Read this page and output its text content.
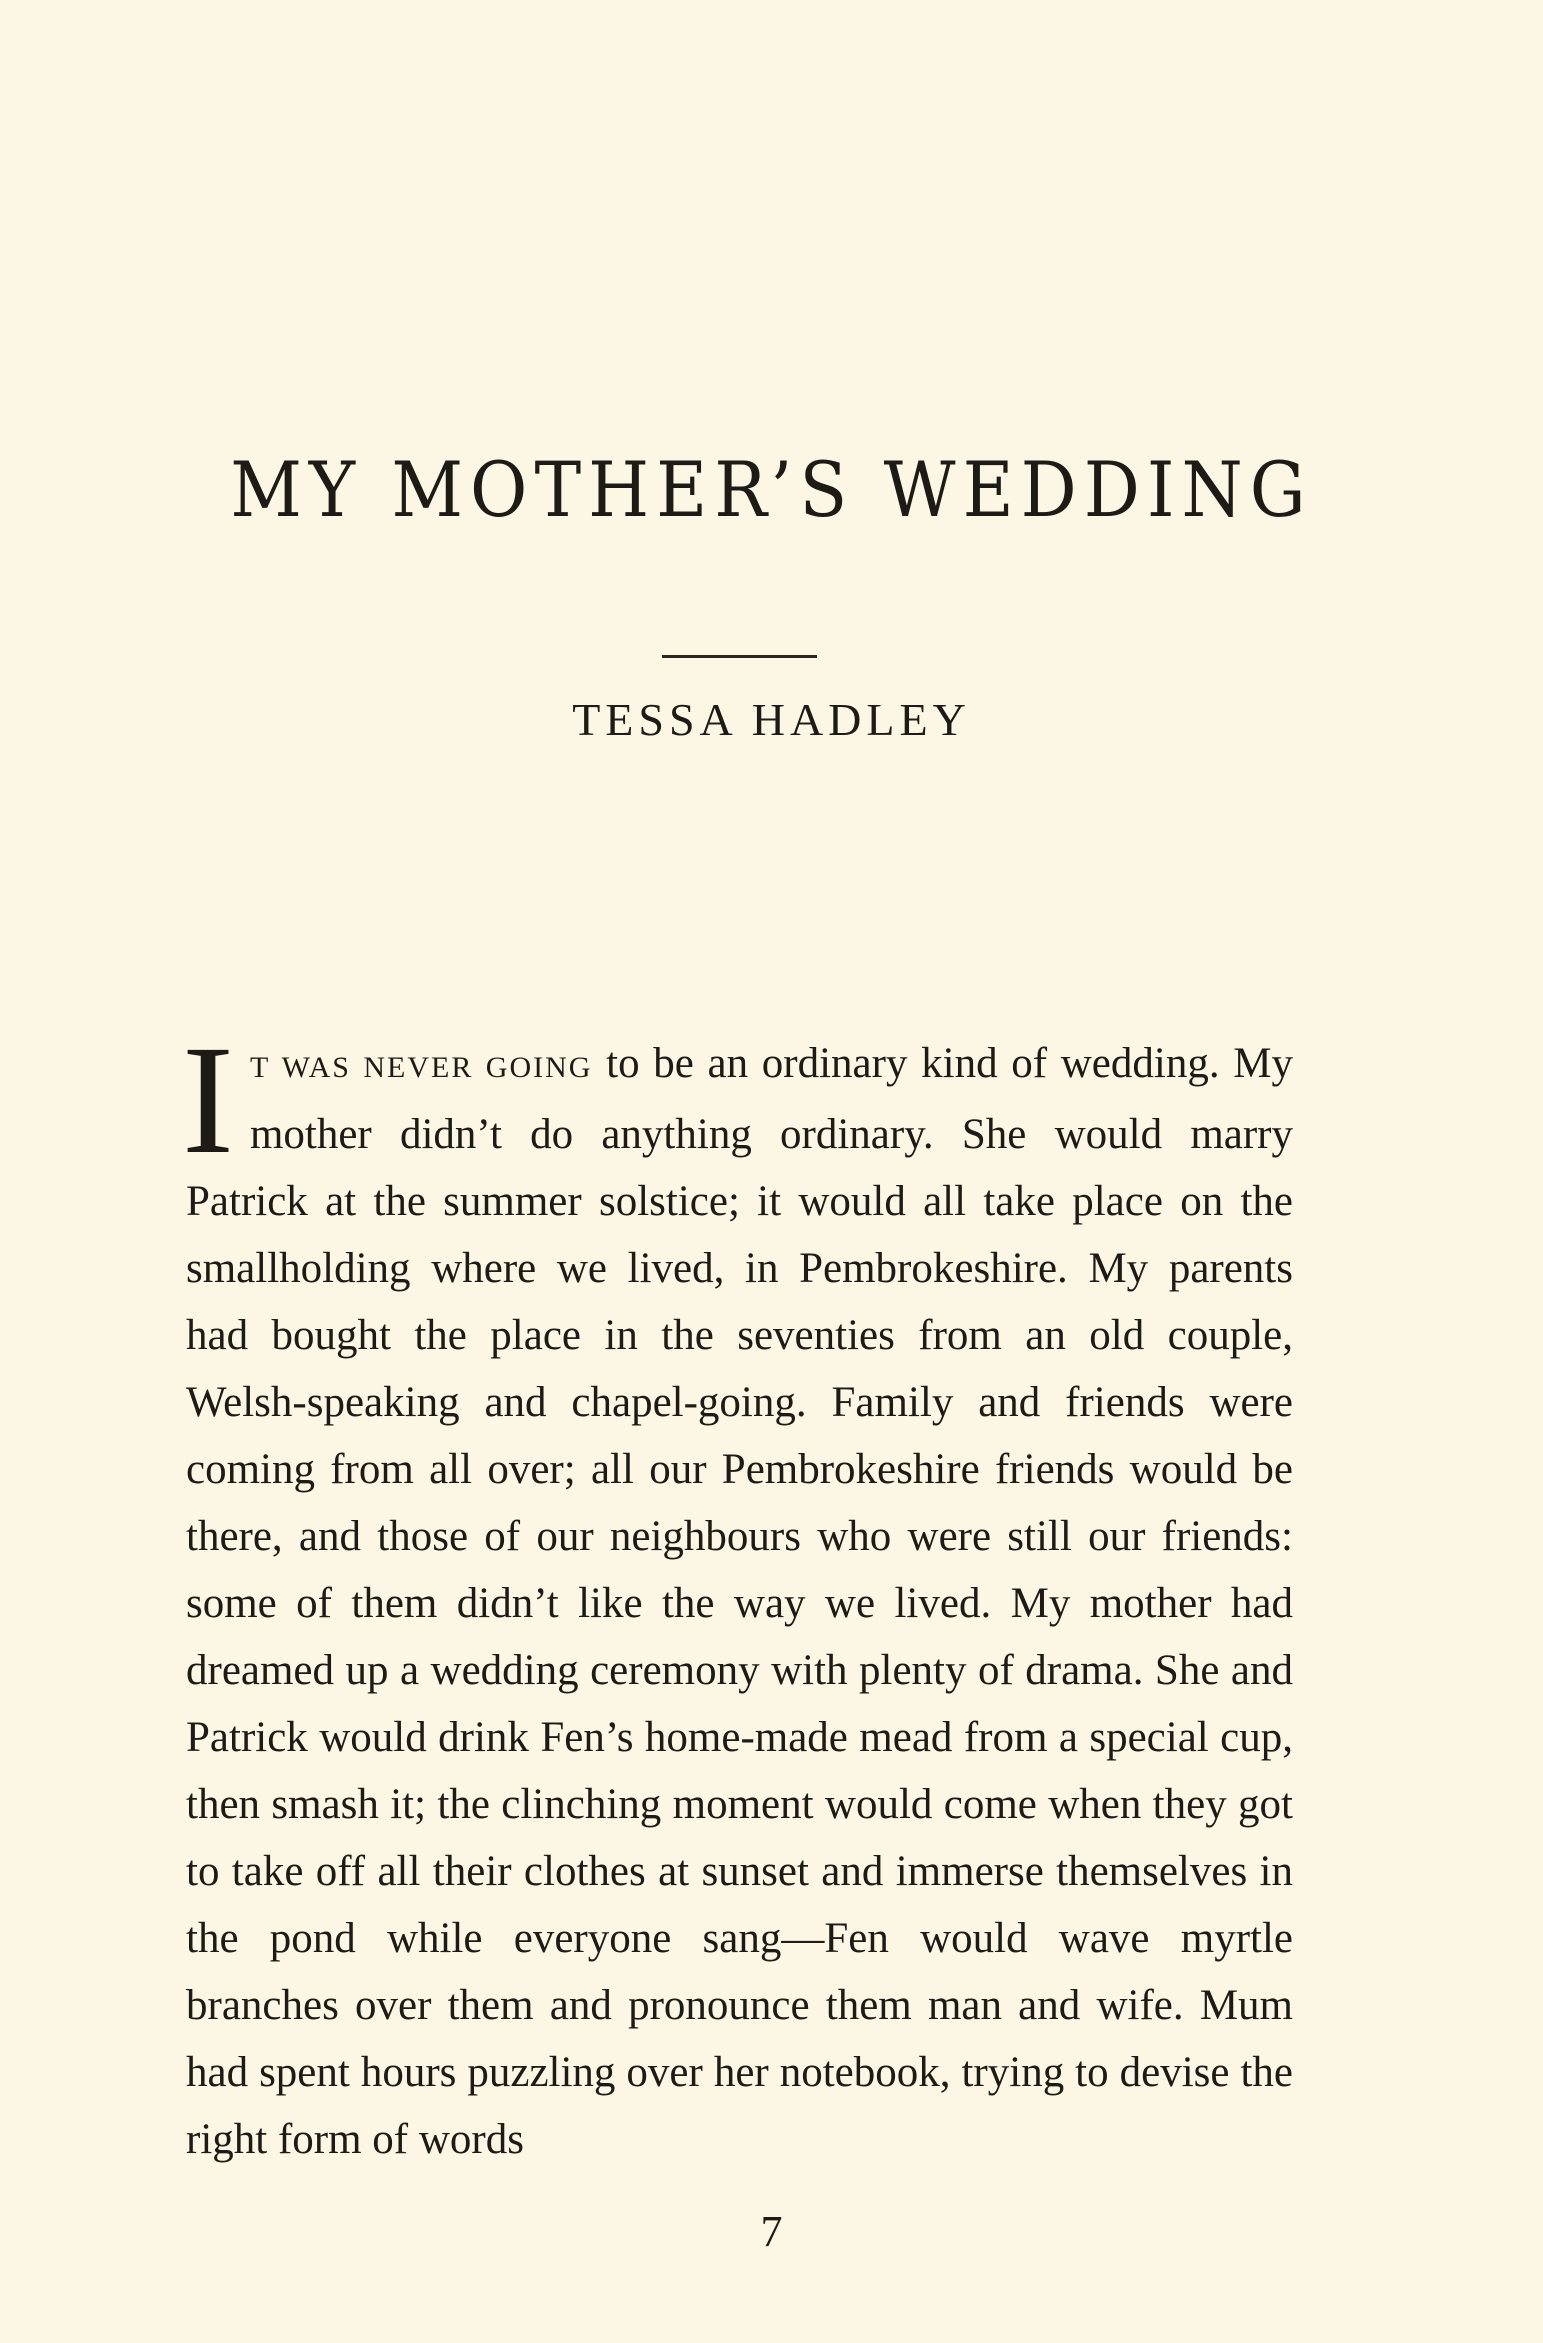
MY MOTHER’S WEDDING

TESSA HADLEY

I T WAS NEVER GOING to be an ordinary kind of wedding. My mother didn’t do anything ordinary. She would marry Patrick at the summer solstice; it would all take place on the smallholding where we lived, in Pembrokeshire. My parents had bought the place in the seventies from an old couple, Welsh-speaking and chapel-going. Family and friends were coming from all over; all our Pembrokeshire friends would be there, and those of our neighbours who were still our friends: some of them didn’t like the way we lived. My mother had dreamed up a wedding ceremony with plenty of drama. She and Patrick would drink Fen’s home-made mead from a special cup, then smash it; the clinching moment would come when they got to take off all their clothes at sunset and immerse themselves in the pond while everyone sang—Fen would wave myrtle branches over them and pronounce them man and wife. Mum had spent hours puzzling over her notebook, trying to devise the right form of words

7
